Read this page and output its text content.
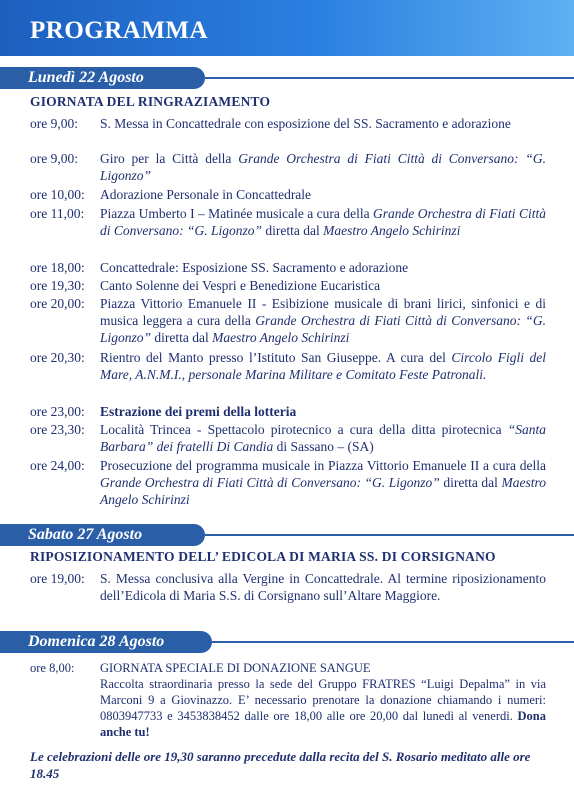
PROGRAMMA
Lunedì 22 Agosto
GIORNATA DEL RINGRAZIAMENTO
ore 9,00:	S. Messa in Concattedrale con esposizione del SS. Sacramento e adorazione
ore 9,00:	Giro per la Città della Grande Orchestra di Fiati Città di Conversano: “G. Ligonzo”
ore 10,00:	Adorazione Personale in Concattedrale
ore 11,00:	Piazza Umberto I – Matinée musicale a cura della Grande Orchestra di Fiati Città di Conversano: “G. Ligonzo” diretta dal Maestro Angelo Schirinzi
ore 18,00:	Concattedrale: Esposizione SS. Sacramento e adorazione
ore 19,30:	Canto Solenne dei Vespri e Benedizione Eucaristica
ore 20,00:	Piazza Vittorio Emanuele II - Esibizione musicale di brani lirici, sinfonici e di musica leggera a cura della Grande Orchestra di Fiati Città di Conversano: “G. Ligonzo” diretta dal Maestro Angelo Schirinzi
ore 20,30:	Rientro del Manto presso l’Istituto San Giuseppe. A cura del Circolo Figli del Mare, A.N.M.I., personale Marina Militare e Comitato Feste Patronali.
ore 23,00:	Estrazione dei premi della lotteria
ore 23,30:	Località Trincea - Spettacolo pirotecnico a cura della ditta pirotecnica “Santa Barbara” dei fratelli Di Candia di Sassano – (SA)
ore 24,00:	Prosecuzione del programma musicale in Piazza Vittorio Emanuele II a cura della Grande Orchestra di Fiati Città di Conversano: “G. Ligonzo” diretta dal Maestro Angelo Schirinzi
Sabato 27 Agosto
RIPOSIZIONAMENTO DELL’ EDICOLA DI MARIA SS. DI CORSIGNANO
ore 19,00:	S. Messa conclusiva alla Vergine in Concattedrale. Al termine riposizionamento dell’Edicola di Maria S.S. di Corsignano sull’Altare Maggiore.
Domenica 28 Agosto
ore 8,00:	GIORNATA SPECIALE DI DONAZIONE SANGUE
Raccolta straordinaria presso la sede del Gruppo FRATRES “Luigi Depalma” in via Marconi 9 a Giovinazzo. E’ necessario prenotare la donazione chiamando i numeri: 0803947733 e 3453838452 dalle ore 18,00 alle ore 20,00 dal lunedì al venerdì. Dona anche tu!
Le celebrazioni delle ore 19,30 saranno precedute dalla recita del S. Rosario meditato alle ore 18.45
